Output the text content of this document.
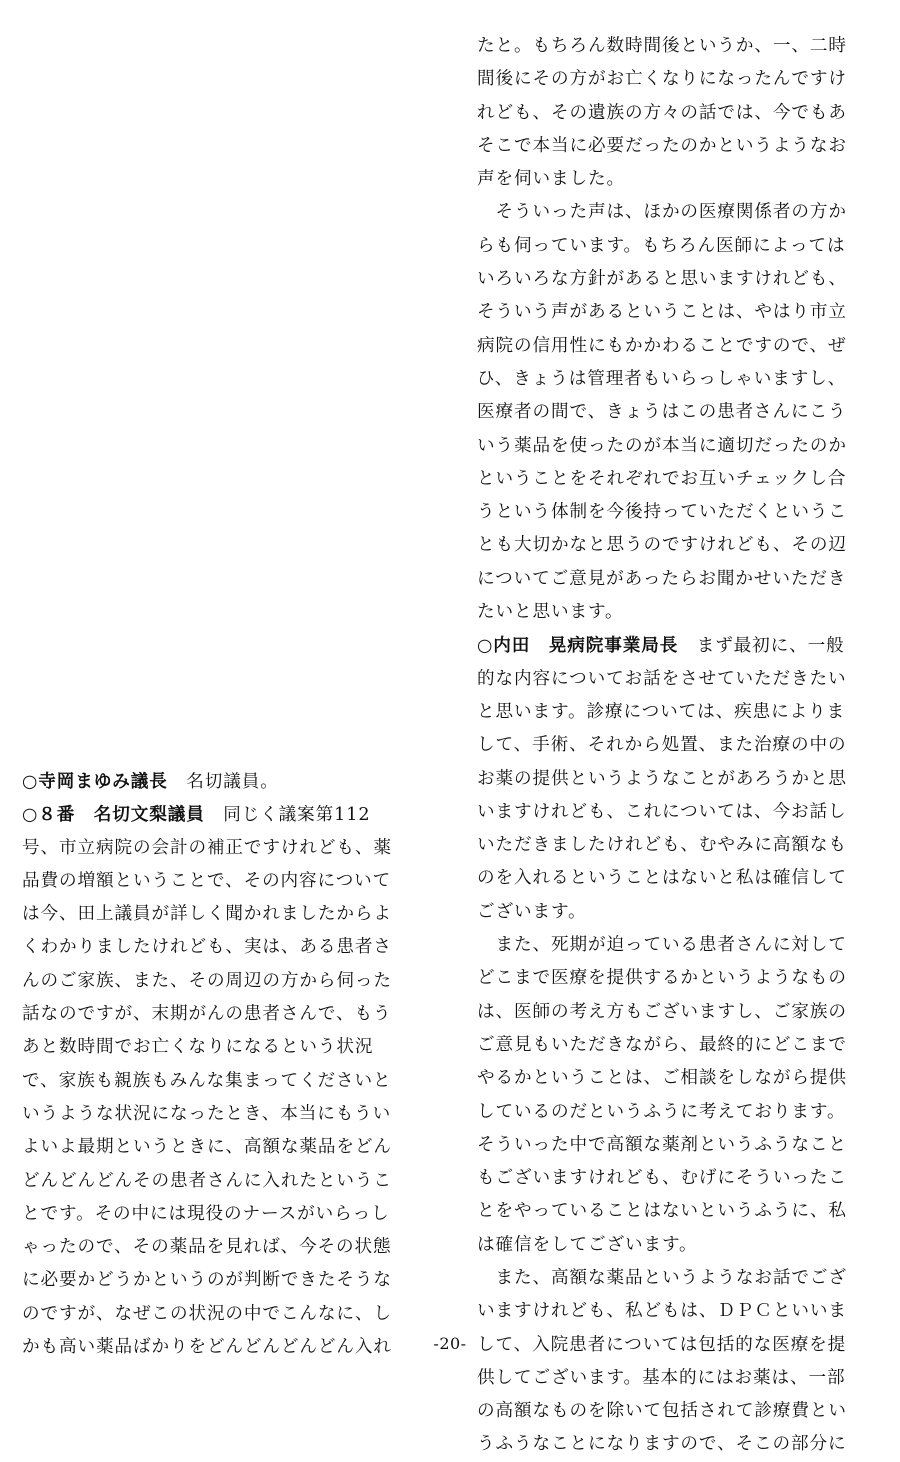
○寺岡まゆみ議長　名切議員。
○８番　名切文梨議員　同じく議案第112
号、市立病院の会計の補正ですけれども、薬
品費の増額ということで、その内容について
は今、田上議員が詳しく聞かれましたからよ
くわかりましたけれども、実は、ある患者さ
んのご家族、また、その周辺の方から伺った
話なのですが、末期がんの患者さんで、もう
あと数時間でお亡くなりになるという状況
で、家族も親族もみんな集まってくださいと
いうような状況になったとき、本当にもうい
よいよ最期というときに、高額な薬品をどん
どんどんどんその患者さんに入れたというこ
とです。その中には現役のナースがいらっし
ゃったので、その薬品を見れば、今その状態
に必要かどうかというのが判断できたそうな
のですが、なぜこの状況の中でこんなに、し
かも高い薬品ばかりをどんどんどんどん入れ
たと。もちろん数時間後というか、一、二時
間後にその方がお亡くなりになったんですけ
れども、その遺族の方々の話では、今でもあ
そこで本当に必要だったのかというようなお
声を伺いました。
　そういった声は、ほかの医療関係者の方か
らも伺っています。もちろん医師によっては
いろいろな方針があると思いますけれども、
そういう声があるということは、やはり市立
病院の信用性にもかかわることですので、ぜ
ひ、きょうは管理者もいらっしゃいますし、
医療者の間で、きょうはこの患者さんにこう
いう薬品を使ったのが本当に適切だったのか
ということをそれぞれでお互いチェックし合
うという体制を今後持っていただくというこ
とも大切かなと思うのですけれども、その辺
についてご意見があったらお聞かせいただき
たいと思います。
○内田　晃病院事業局長　まず最初に、一般
的な内容についてお話をさせていただきたい
と思います。診療については、疾患によりま
して、手術、それから処置、また治療の中の
お薬の提供というようなことがあろうかと思
いますけれども、これについては、今お話し
いただきましたけれども、むやみに高額なも
のを入れるということはないと私は確信して
ございます。
　また、死期が迫っている患者さんに対して
どこまで医療を提供するかというようなもの
は、医師の考え方もございますし、ご家族の
ご意見もいただきながら、最終的にどこまで
やるかということは、ご相談をしながら提供
しているのだというふうに考えております。
そういった中で高額な薬剤というふうなこと
もございますけれども、むげにそういったこ
とをやっていることはないというふうに、私
は確信をしてございます。
　また、高額な薬品というようなお話でござ
いますけれども、私どもは、ＤＰＣといいま
して、入院患者については包括的な医療を提
供してございます。基本的にはお薬は、一部
の高額なものを除いて包括されて診療費とい
うふうなことになりますので、そこの部分に
-20-
